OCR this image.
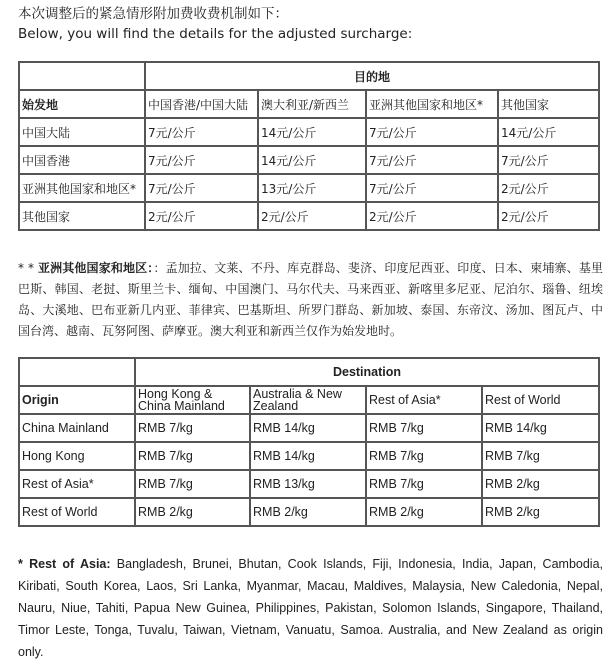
本次调整后的紧急情形附加费收费机制如下：
Below, you will find the details for the adjusted surcharge:
	目的地			
始发地	中国香港/中国大陆	澳大利亚/新西兰	亚洲其他国家和地区*	其他国家
中国大陆	7元/公斤	14元/公斤	7元/公斤	14元/公斤
中国香港	7元/公斤	14元/公斤	7元/公斤	7元/公斤
亚洲其他国家和地区*	7元/公斤	13元/公斤	7元/公斤	2元/公斤
其他国家	2元/公斤	2元/公斤	2元/公斤	2元/公斤
* * 亚洲其他国家和地区：：孟加拉、文莱、不丹、库克群岛、斐济、印度尼西亚、印度、日本、柬埔寨、基里巴斯、韩国、老挝、斯里兰卡、缅甸、中国澳门、马尔代夫、马来西亚、新喀里多尼亚、尼泊尔、瑙鲁、纽埃岛、大溪地、巴布亚新几内亚、菲律宾、巴基斯坦、所罗门群岛、新加坡、泰国、东帝汶、汤加、图瓦卢、中国台湾、越南、瓦努阿图、萨摩亚。澳大利亚和新西兰仅作为始发地时。
	Destination			
Origin	Hong Kong & China Mainland	Australia & New Zealand	Rest of Asia*	Rest of World
China Mainland	RMB 7/kg	RMB 14/kg	RMB 7/kg	RMB 14/kg
Hong Kong	RMB 7/kg	RMB 14/kg	RMB 7/kg	RMB 7/kg
Rest of Asia*	RMB 7/kg	RMB 13/kg	RMB 7/kg	RMB 2/kg
Rest of World	RMB 2/kg	RMB 2/kg	RMB 2/kg	RMB 2/kg
* Rest of Asia: Bangladesh, Brunei, Bhutan, Cook Islands, Fiji, Indonesia, India, Japan, Cambodia, Kiribati, South Korea, Laos, Sri Lanka, Myanmar, Macau, Maldives, Malaysia, New Caledonia, Nepal, Nauru, Niue, Tahiti, Papua New Guinea, Philippines, Pakistan, Solomon Islands, Singapore, Thailand, Timor Leste, Tonga, Tuvalu, Taiwan, Vietnam, Vanuatu, Samoa. Australia, and New Zealand as origin only.
